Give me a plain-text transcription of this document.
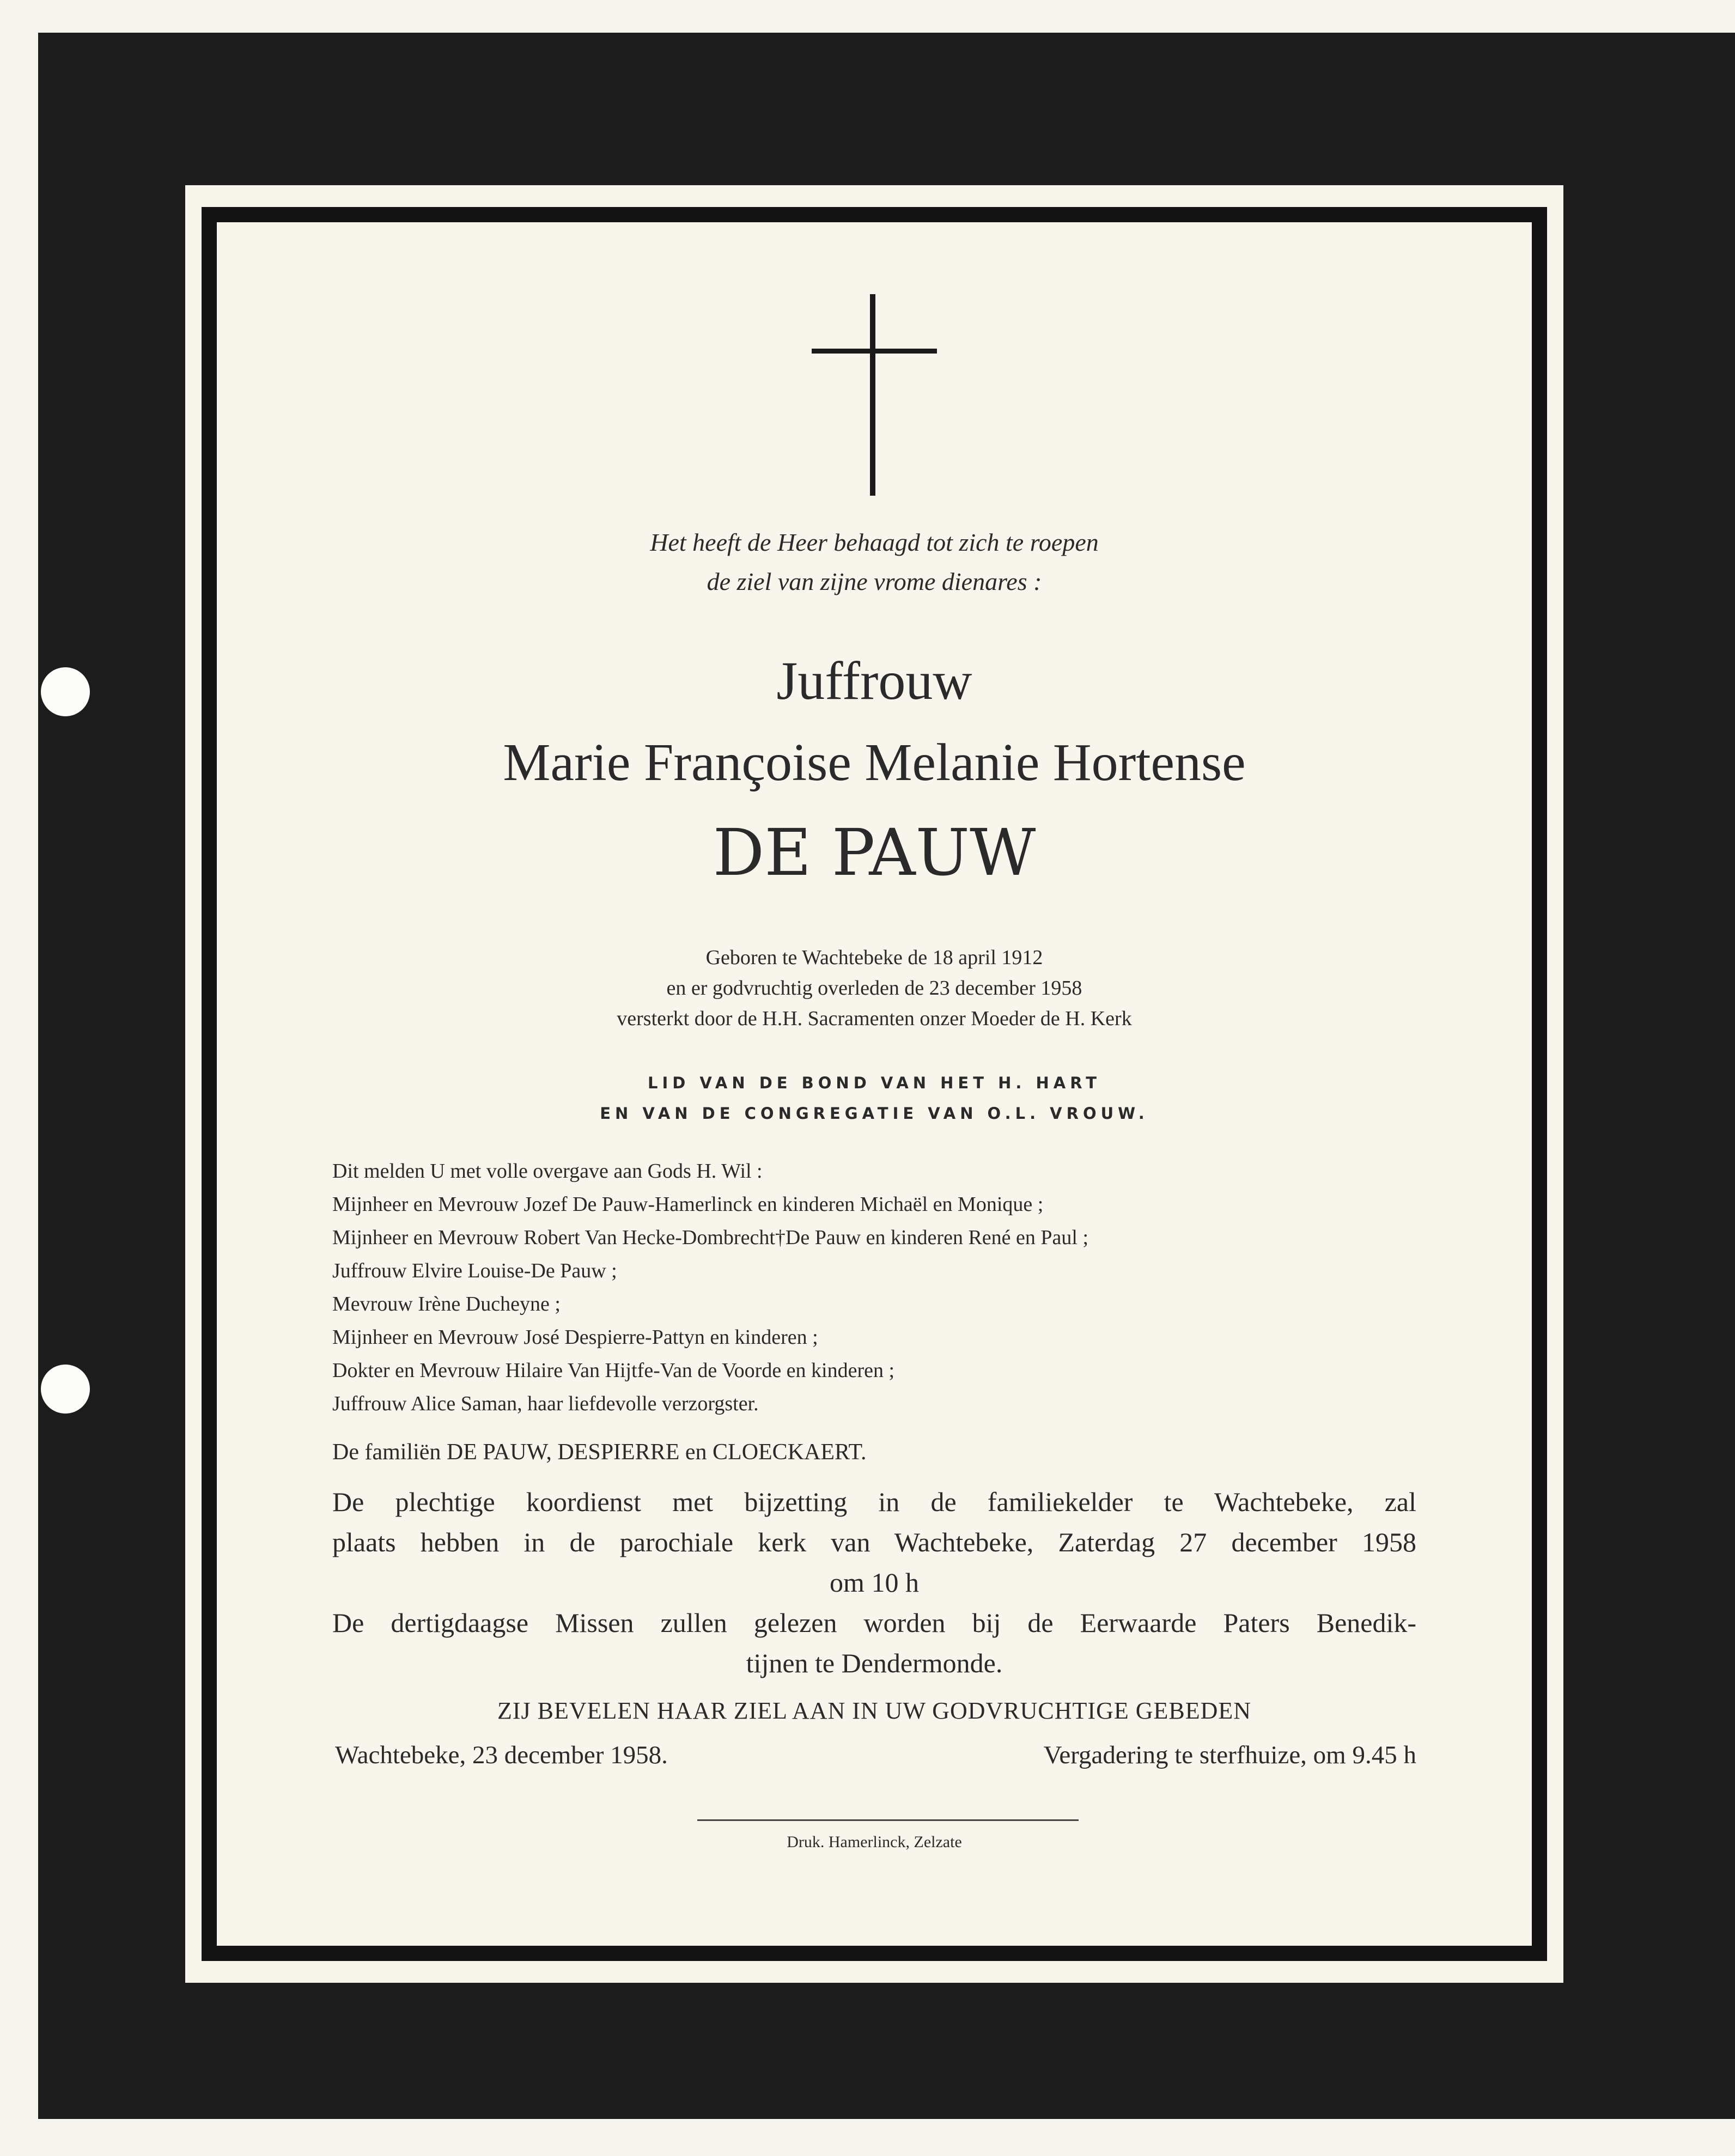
Het heeft de Heer behaagd tot zich te roepen
de ziel van zijne vrome dienares :
Juffrouw
Marie Françoise Melanie Hortense
DE PAUW
Geboren te Wachtebeke de 18 april 1912
en er godvruchtig overleden de 23 december 1958
versterkt door de H.H. Sacramenten onzer Moeder de H. Kerk
LID VAN DE BOND VAN HET H. HART
EN VAN DE CONGREGATIE VAN O.L. VROUW.
Dit melden U met volle overgave aan Gods H. Wil :
Mijnheer en Mevrouw Jozef De Pauw-Hamerlinck en kinderen Michaël en Monique ;
Mijnheer en Mevrouw Robert Van Hecke-Dombrecht†De Pauw en kinderen René en Paul ;
Juffrouw Elvire Louise-De Pauw ;
Mevrouw Irène Ducheyne ;
Mijnheer en Mevrouw José Despierre-Pattyn en kinderen ;
Dokter en Mevrouw Hilaire Van Hijtfe-Van de Voorde en kinderen ;
Juffrouw Alice Saman, haar liefdevolle verzorgster.
De familiën DE PAUW, DESPIERRE en CLOECKAERT.
De plechtige koordienst met bijzetting in de familiekelder te Wachtebeke, zal
plaats hebben in de parochiale kerk van Wachtebeke, Zaterdag 27 december 1958
om 10 h
De dertigdaagse Missen zullen gelezen worden bij de Eerwaarde Paters Benedik-
tijnen te Dendermonde.
ZIJ BEVELEN HAAR ZIEL AAN IN UW GODVRUCHTIGE GEBEDEN
Wachtebeke, 23 december 1958.	Vergadering te sterfhuize, om 9.45 h
Druk. Hamerlinck, Zelzate
